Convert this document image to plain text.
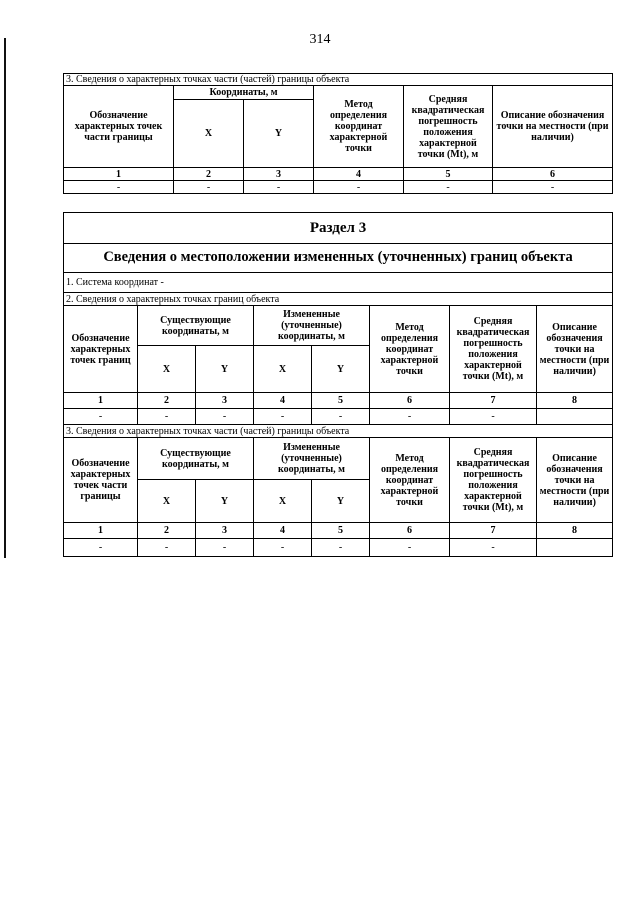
314
3. Сведения о характерных точках части (частей) границы объекта					
Обозначение характерных точек части границы	Координаты, м		Метод определения координат характерной точки	Средняя квадратическая погрешность положения характерной точки (Mt), м	Описание обозначения точки на местности (при наличии)
	X	Y			
1	2	3	4	5	6
-	-	-	-	-	-
Раздел 3							
Сведения о местоположении измененных (уточненных) границ объекта							
1. Система координат -							
2. Сведения о характерных точках границ объекта							
Обозначение характерных точек границ	Существующие координаты, м		Измененные (уточненные) координаты, м		Метод определения координат характерной точки	Средняя квадратическая погрешность положения характерной точки (Mt), м	Описание обозначения точки на местности (при наличии)
	X	Y	X	Y			
1	2	3	4	5	6	7	8
-	-	-	-	-	-	-	
3. Сведения о характерных точках части (частей) границы объекта							
Обозначение характерных точек части границы	Существующие координаты, м		Измененные (уточненные) координаты, м		Метод определения координат характерной точки	Средняя квадратическая погрешность положения характерной точки (Mt), м	Описание обозначения точки на местности (при наличии)
	X	Y	X	Y			
1	2	3	4	5	6	7	8
-	-	-	-	-	-	-	
